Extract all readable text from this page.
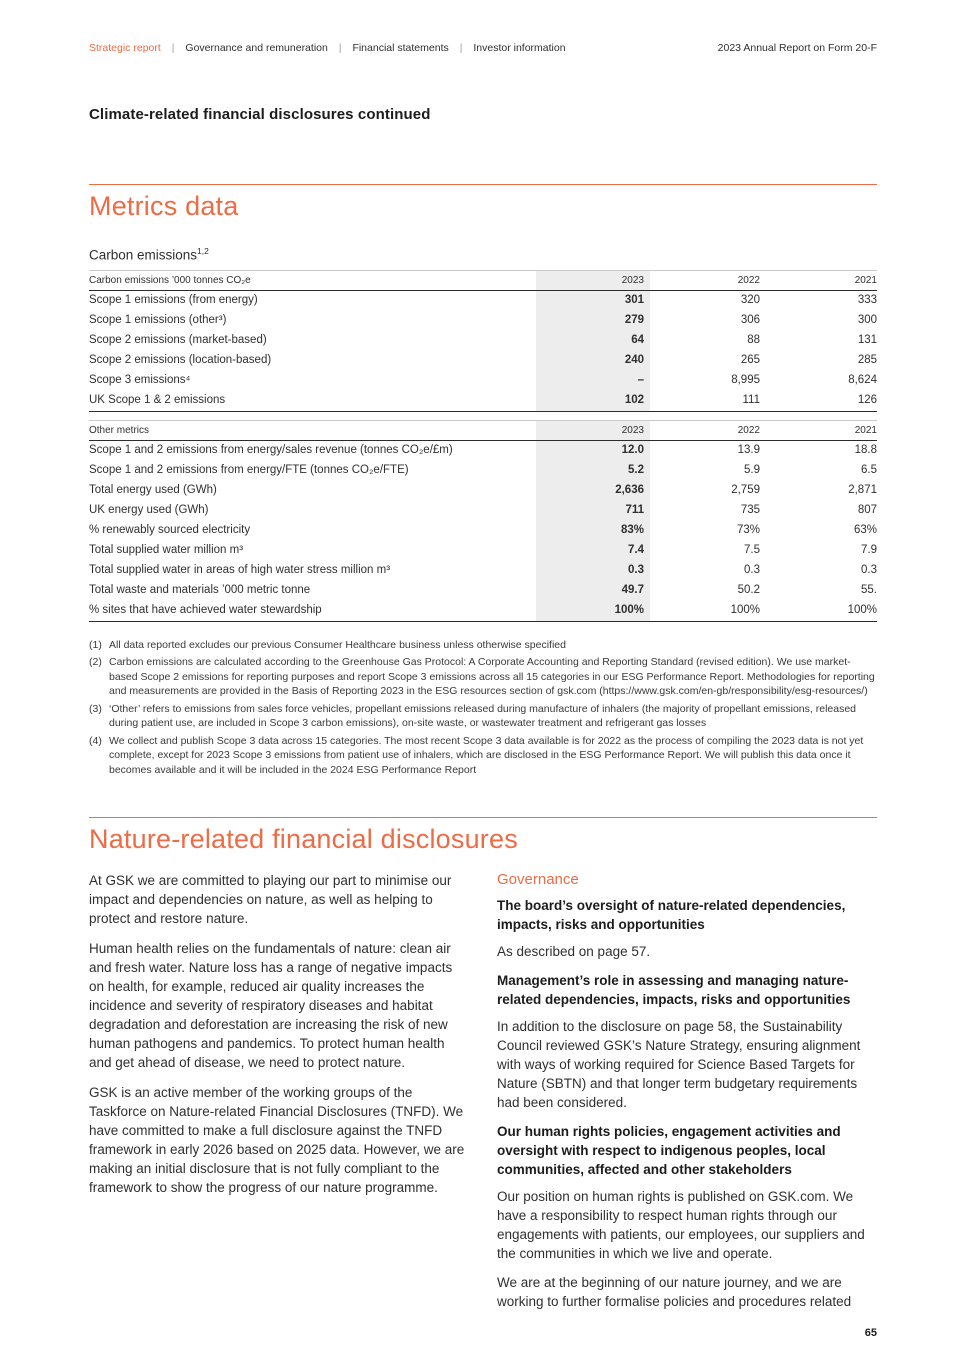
Strategic report | Governance and remuneration | Financial statements | Investor information	2023 Annual Report on Form 20-F
Climate-related financial disclosures continued
Metrics data
Carbon emissions$^{1,2}$
Carbon emissions ’000 tonnes CO₂e	2023	2022	2021
Scope 1 emissions (from energy)	301	320	333
Scope 1 emissions (other³)	279	306	300
Scope 2 emissions (market-based)	64	88	131
Scope 2 emissions (location-based)	240	265	285
Scope 3 emissions⁴	–	8,995	8,624
UK Scope 1 & 2 emissions	102	111	126
Other metrics	2023	2022	2021
Scope 1 and 2 emissions from energy/sales revenue (tonnes CO₂e/£m)	12.0	13.9	18.8
Scope 1 and 2 emissions from energy/FTE (tonnes CO₂e/FTE)	5.2	5.9	6.5
Total energy used (GWh)	2,636	2,759	2,871
UK energy used (GWh)	711	735	807
% renewably sourced electricity	83%	73%	63%
Total supplied water million m³	7.4	7.5	7.9
Total supplied water in areas of high water stress million m³	0.3	0.3	0.3
Total waste and materials ’000 metric tonne	49.7	50.2	55.
% sites that have achieved water stewardship	100%	100%	100%
(1) All data reported excludes our previous Consumer Healthcare business unless otherwise specified
(2) Carbon emissions are calculated according to the Greenhouse Gas Protocol: A Corporate Accounting and Reporting Standard (revised edition). We use market-based Scope 2 emissions for reporting purposes and report Scope 3 emissions across all 15 categories in our ESG Performance Report. Methodologies for reporting and measurements are provided in the Basis of Reporting 2023 in the ESG resources section of gsk.com (https://www.gsk.com/en-gb/responsibility/esg-resources/)
(3) ‘Other’ refers to emissions from sales force vehicles, propellant emissions released during manufacture of inhalers (the majority of propellant emissions, released during patient use, are included in Scope 3 carbon emissions), on-site waste, or wastewater treatment and refrigerant gas losses
(4) We collect and publish Scope 3 data across 15 categories. The most recent Scope 3 data available is for 2022 as the process of compiling the 2023 data is not yet complete, except for 2023 Scope 3 emissions from patient use of inhalers, which are disclosed in the ESG Performance Report. We will publish this data once it becomes available and it will be included in the 2024 ESG Performance Report
Nature-related financial disclosures

At GSK we are committed to playing our part to minimise our impact and dependencies on nature, as well as helping to protect and restore nature.

Human health relies on the fundamentals of nature: clean air and fresh water. Nature loss has a range of negative impacts on health, for example, reduced air quality increases the incidence and severity of respiratory diseases and habitat degradation and deforestation are increasing the risk of new human pathogens and pandemics. To protect human health and get ahead of disease, we need to protect nature.

GSK is an active member of the working groups of the Taskforce on Nature-related Financial Disclosures (TNFD). We have committed to make a full disclosure against the TNFD framework in early 2026 based on 2025 data. However, we are making an initial disclosure that is not fully compliant to the framework to show the progress of our nature programme.

Governance

The board’s oversight of nature-related dependencies, impacts, risks and opportunities

As described on page 57.

Management’s role in assessing and managing nature-related dependencies, impacts, risks and opportunities

In addition to the disclosure on page 58, the Sustainability Council reviewed GSK’s Nature Strategy, ensuring alignment with ways of working required for Science Based Targets for Nature (SBTN) and that longer term budgetary requirements had been considered.

Our human rights policies, engagement activities and oversight with respect to indigenous peoples, local communities, affected and other stakeholders

Our position on human rights is published on GSK.com. We have a responsibility to respect human rights through our engagements with patients, our employees, our suppliers and the communities in which we live and operate.

We are at the beginning of our nature journey, and we are working to further formalise policies and procedures related

65
